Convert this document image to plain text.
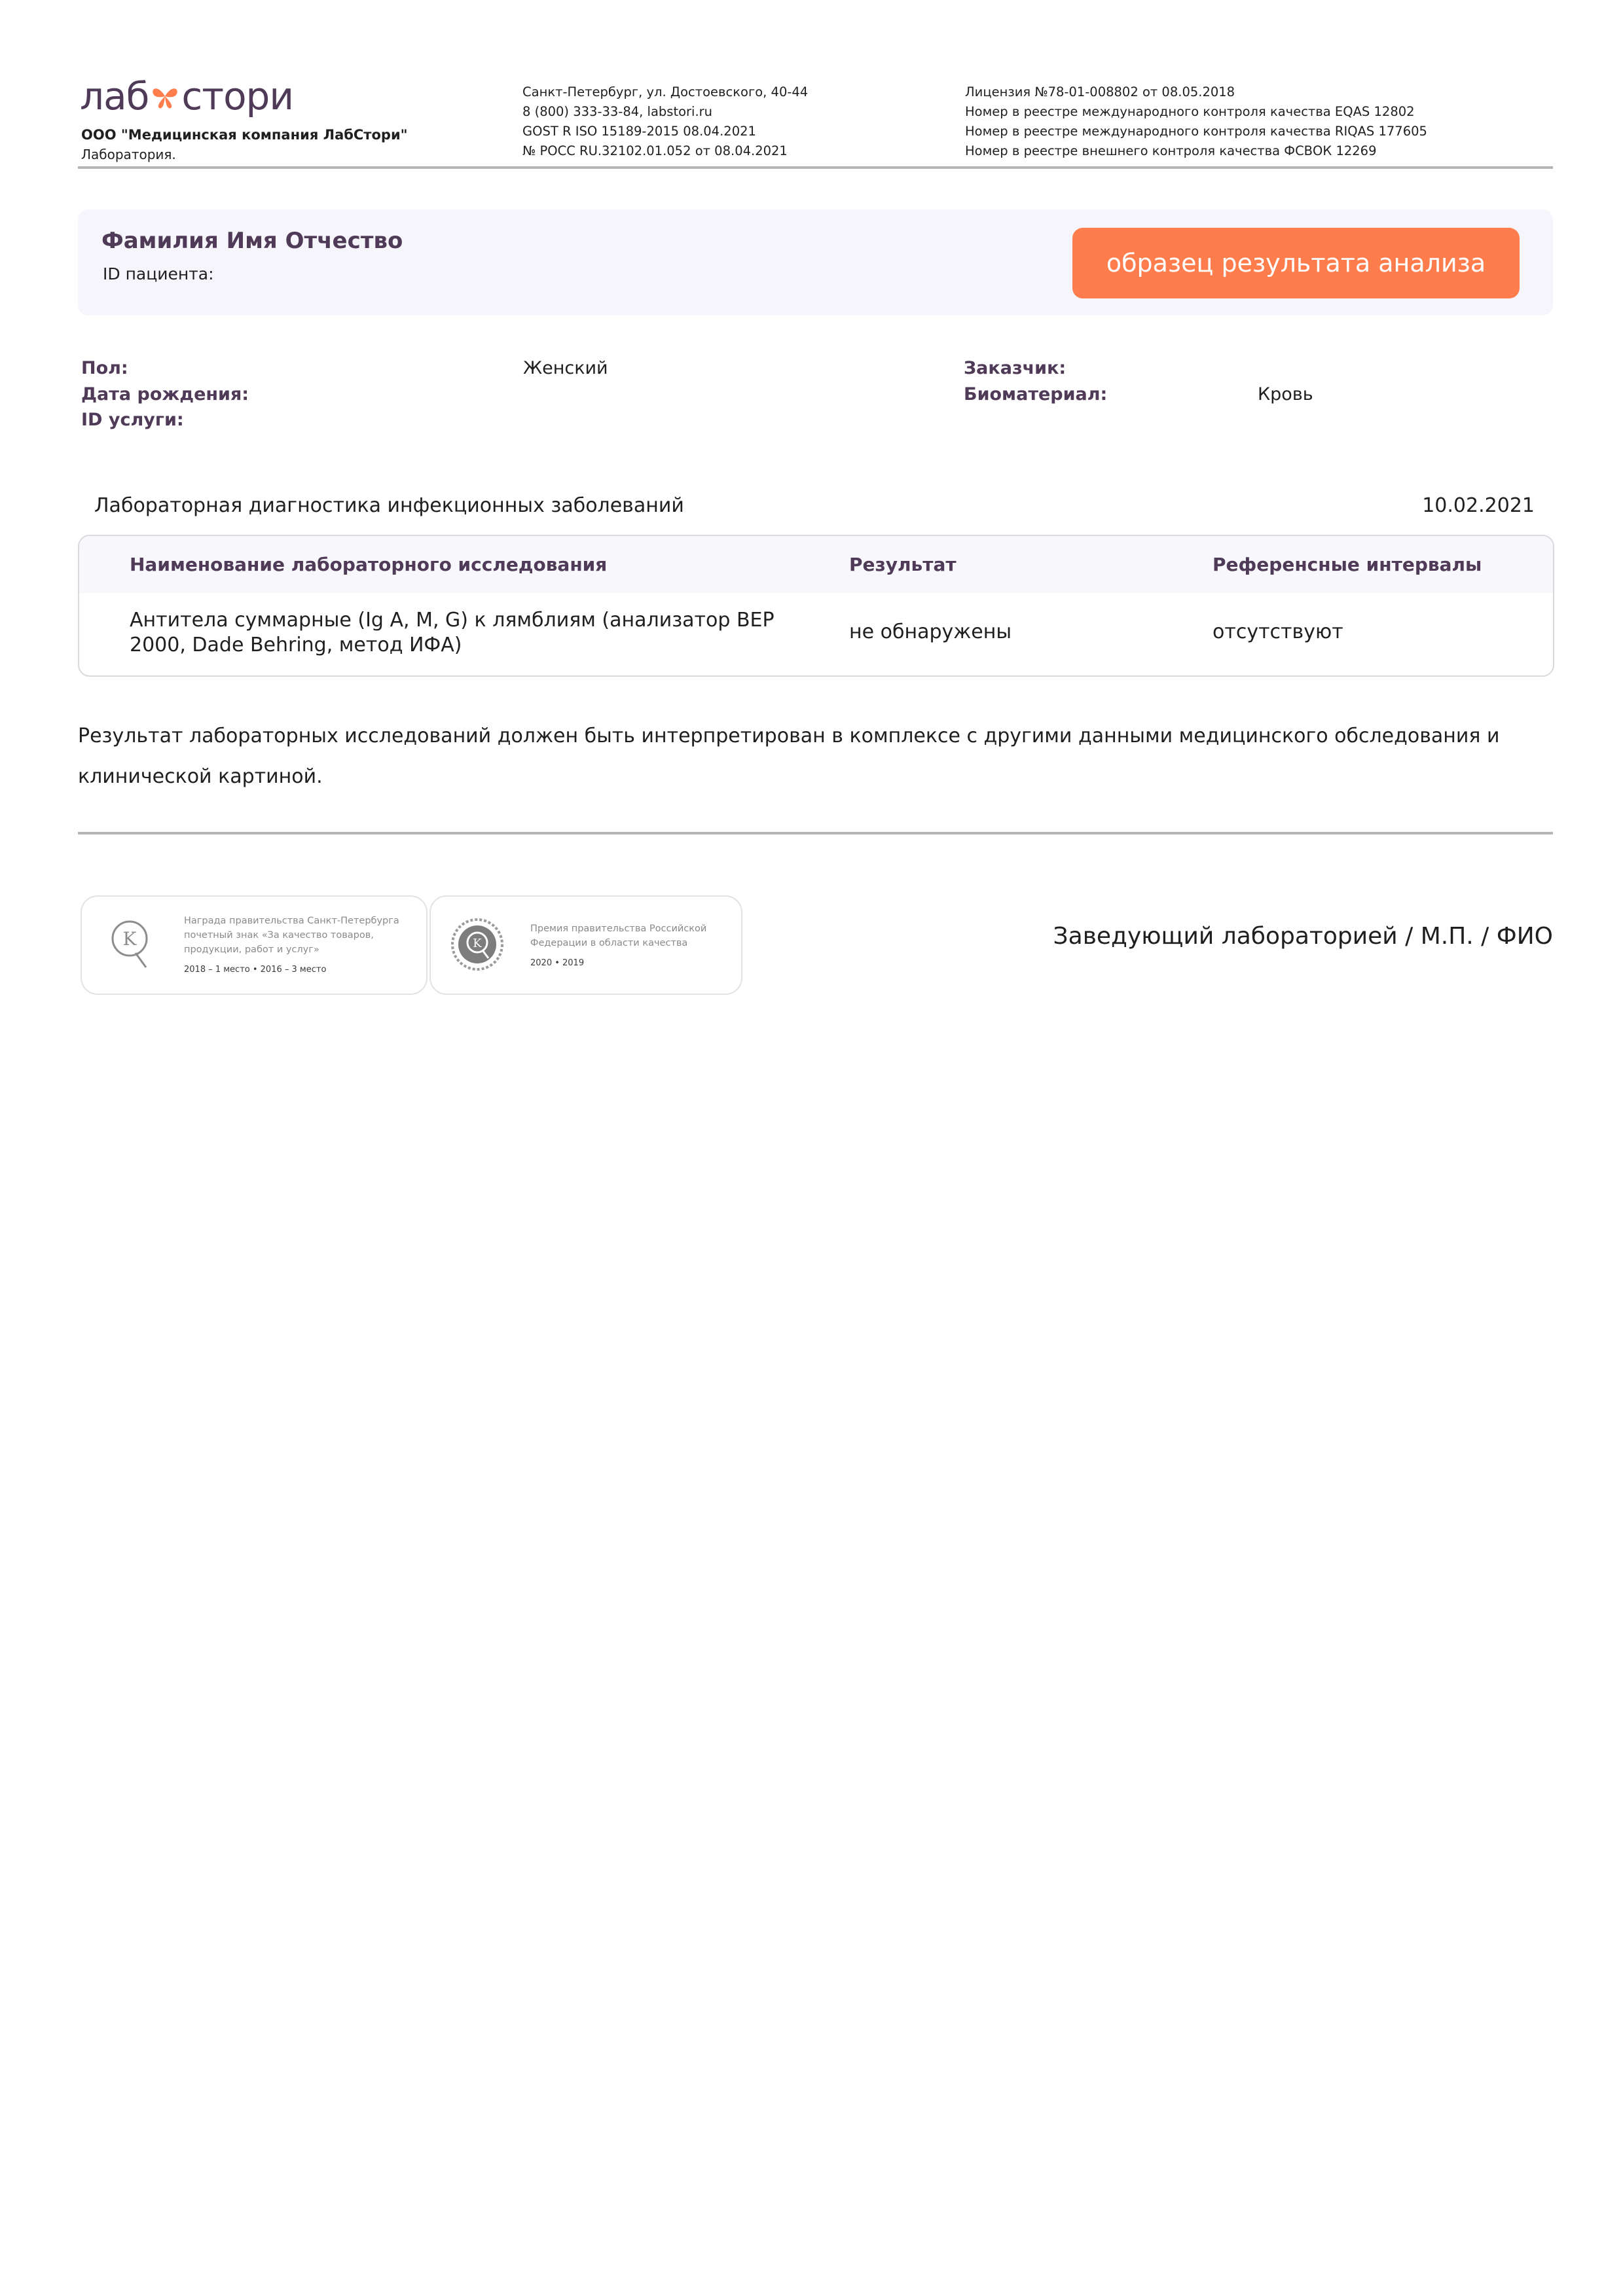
лаб стори
ООО "Медицинская компания ЛабСтори"
Лаборатория.
Санкт-Петербург, ул. Достоевского, 40-44
8 (800) 333-33-84, labstori.ru
GOST R ISO 15189-2015 08.04.2021
№ РОСС RU.32102.01.052 от 08.04.2021
Лицензия №78-01-008802 от 08.05.2018
Номер в реестре международного контроля качества EQAS 12802
Номер в реестре международного контроля качества RIQAS 177605
Номер в реестре внешнего контроля качества ФСВОК 12269
Фамилия Имя Отчество
ID пациента:	образец результата анализа
Пол:	Женский
Дата рождения:
ID услуги:
Заказчик:
Биоматериал:	Кровь
Лабораторная диагностика инфекционных заболеваний	10.02.2021
Наименование лабораторного исследования	Результат	Референсные интервалы
Антитела суммарные (Ig A, M, G) к лямблиям (анализатор BEP 2000, Dade Behring, метод ИФА)
не обнаружены	отсутствуют
Результат лабораторных исследований должен быть интерпретирован в комплексе с другими данными медицинского обследования и клинической картиной.
K
Награда правительства Санкт-Петербурга
почетный знак «За качество товаров,
продукции, работ и услуг»
2018 – 1 место • 2016 – 3 место
K
Премия правительства Российской
Федерации в области качества
2020 • 2019
Заведующий лабораторией / М.П. / ФИО
